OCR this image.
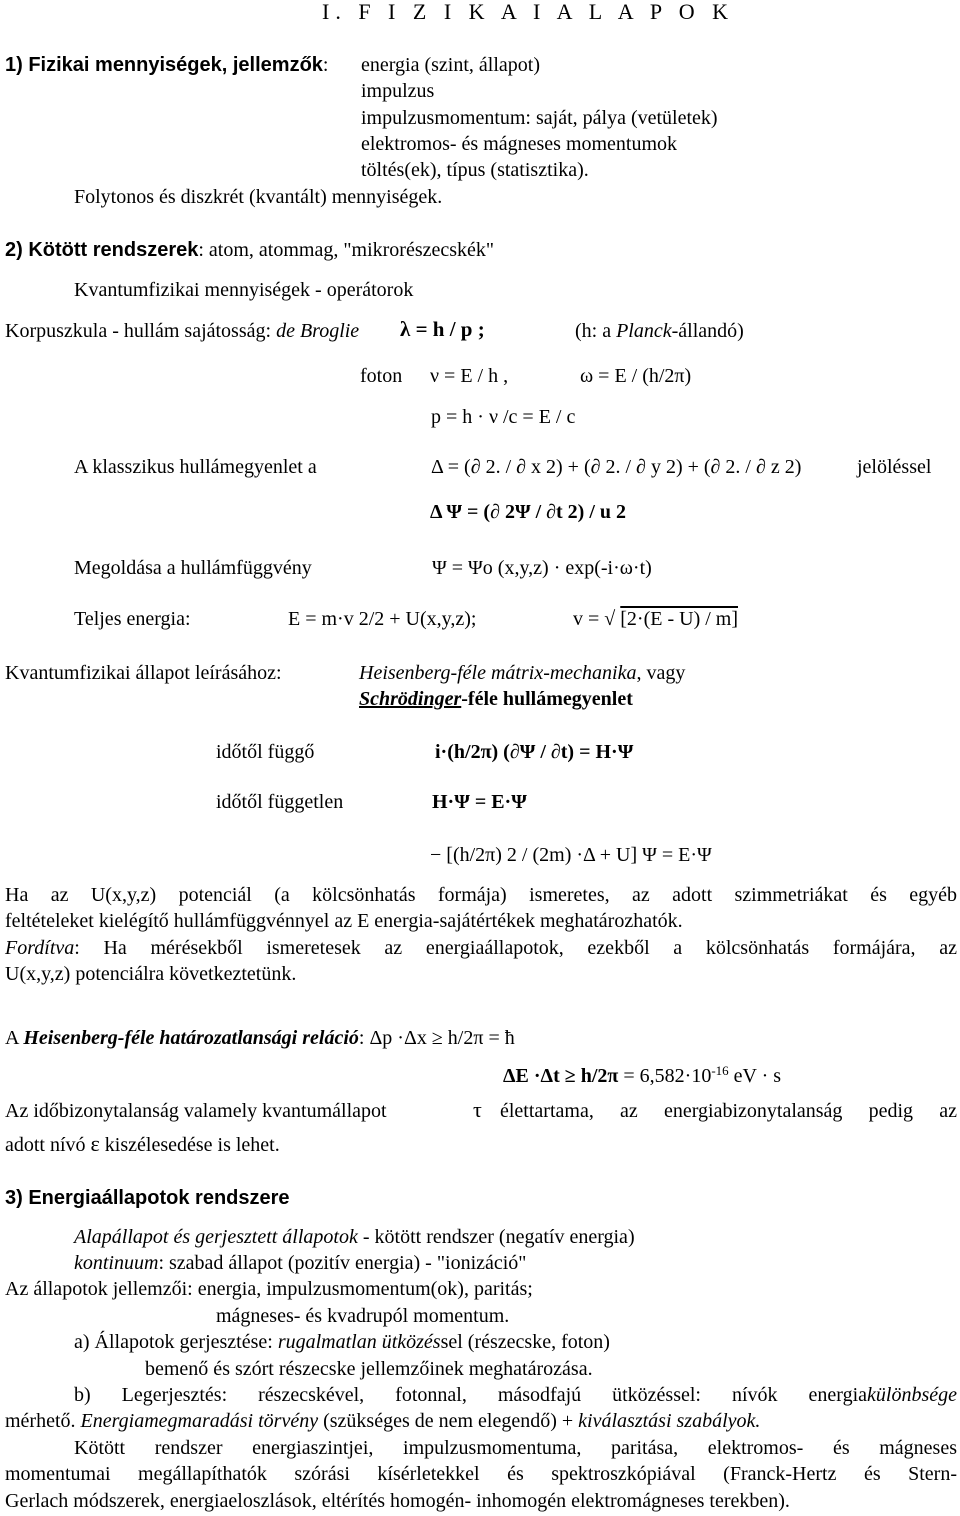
I. F I Z I K A I A L A P O K
1) Fizikai mennyiségek, jellemzők: energia (szint, állapot)
impulzus
impulzusmomentum: saját, pálya (vetületek)
elektromos- és mágneses momentumok
töltés(ek), típus (statisztika).
Folytonos és diszkrét (kvantált) mennyiségek.
2) Kötött rendszerek: atom, atommag, "mikrorészecskék"
Kvantumfizikai mennyiségek - operátorok
Korpuszkula - hullám sajátosság: de Broglie λ = h / p ;	(h: a Planck-állandó)
foton ν = E / h ,	ω = E / (h/2π)
p = h · ν /c = E / c
A klasszikus hullámegyenlet a	Δ = (∂ 2. / ∂ x 2) + (∂ 2. / ∂ y 2) + (∂ 2. / ∂ z 2)	jelöléssel
Δ Ψ = (∂ 2Ψ / ∂t 2) / u 2
Megoldása a hullámfüggvény	Ψ = Ψo (x,y,z) · exp(-i·ω·t)
Teljes energia:	E = m·v 2/2 + U(x,y,z);	v = √ [2·(E - U) / m]
Kvantumfizikai állapot leírásához:	Heisenberg-féle mátrix-mechanika, vagy
Schrödinger-féle hullámegyenlet
időtől függő	i·(h/2π) (∂Ψ / ∂t) = H·Ψ
időtől független	H·Ψ = E·Ψ
− [(h/2π) 2 / (2m) ·Δ + U] Ψ = E·Ψ
Ha az U(x,y,z) potenciál (a kölcsönhatás formája) ismeretes, az adott szimmetriákat és egyéb
feltételeket kielégítő hullámfüggvénnyel az E energia-sajátértékek meghatározhatók.
Fordítva: Ha mérésekből ismeretesek az energiaállapotok, ezekből a kölcsönhatás formájára, az
U(x,y,z) potenciálra következtetünk.
A Heisenberg-féle határozatlansági reláció: Δp ·Δx ≥ h/2π = ħ
$\Delta E \cdot\Delta t \ge h/2\pi = 6,582\cdot 10^{-16}$ eV · s
Az időbizonytalanság valamely kvantumállapot	τ élettartama, az energiabizonytalanság pedig az
adott nívó ε kiszélesedése is lehet.
3) Energiaállapotok rendszere
Alapállapot és gerjesztett állapotok - kötött rendszer (negatív energia)
kontinuum: szabad állapot (pozitív energia) - "ionizáció"
Az állapotok jellemzői: energia, impulzusmomentum(ok), paritás;
mágneses- és kvadrupól momentum.
a) Állapotok gerjesztése: rugalmatlan ütközéssel (részecske, foton)
bemenő és szórt részecske jellemzőinek meghatározása.
b) Legerjesztés: részecskével, fotonnal, másodfajú ütközéssel: nívók energiakülönbsége
mérhető. Energiamegmaradási törvény (szükséges de nem elegendő) + kiválasztási szabályok.
Kötött rendszer energiaszintjei, impulzusmomentuma, paritása, elektromos- és mágneses
momentumai megállapíthatók szórási kísérletekkel és spektroszkópiával (Franck-Hertz és Stern-
Gerlach módszerek, energiaeloszlások, eltérítés homogén- inhomogén elektromágneses terekben).
